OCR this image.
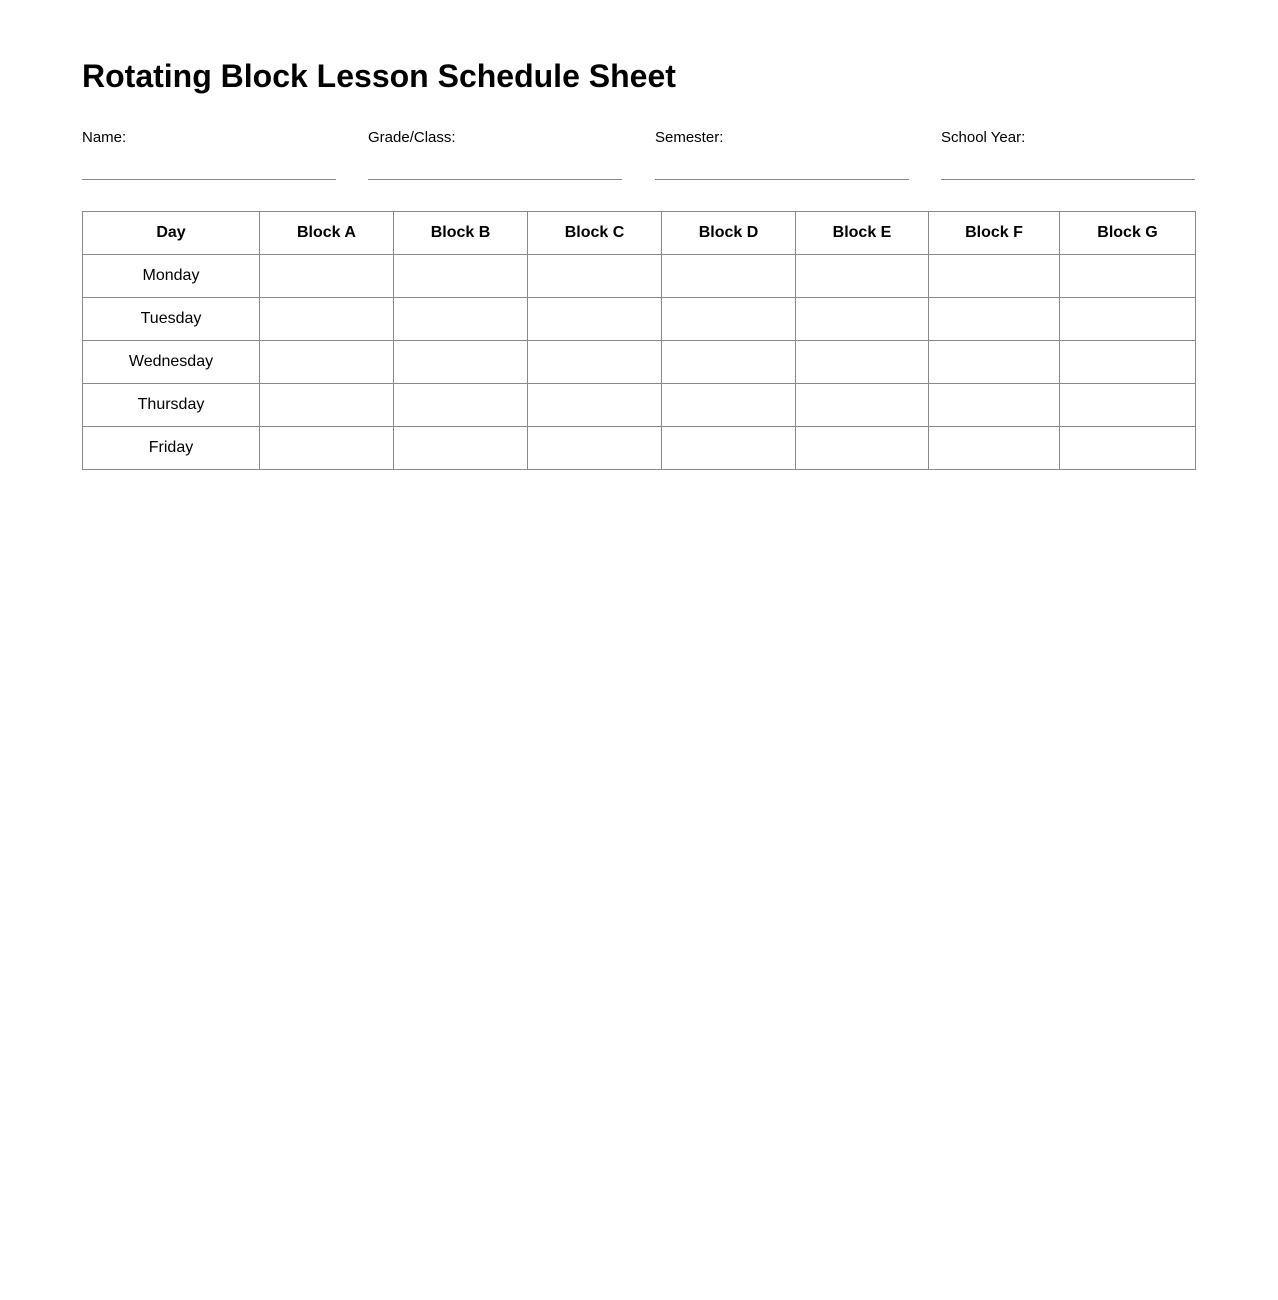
Rotating Block Lesson Schedule Sheet
Name:	Grade/Class:	Semester:	School Year:
Day	Block A	Block B	Block C	Block D	Block E	Block F	Block G
Monday							
Tuesday							
Wednesday							
Thursday							
Friday							
